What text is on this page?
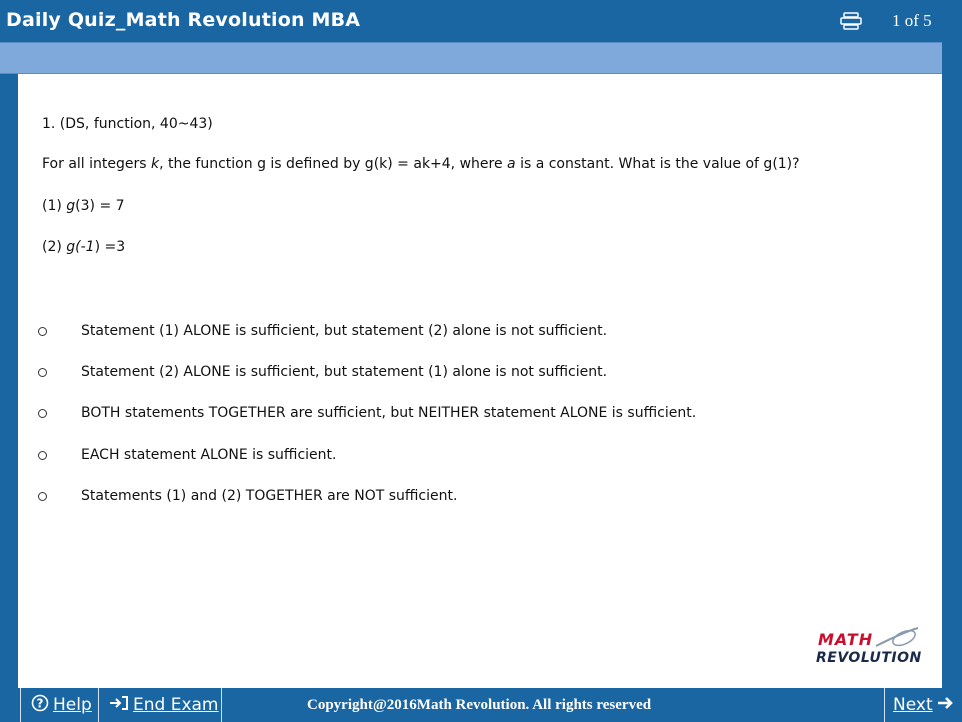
Daily Quiz_Math Revolution MBA	1 of 5
1. (DS, function, 40~43)
For all integers k, the function g is defined by g(k) = ak+4, where a is a constant. What is the value of g(1)?
(1) g(3) = 7
(2) g(-1) =3
Statement (1) ALONE is sufficient, but statement (2) alone is not sufficient.
Statement (2) ALONE is sufficient, but statement (1) alone is not sufficient.
BOTH statements TOGETHER are sufficient, but NEITHER statement ALONE is sufficient.
EACH statement ALONE is sufficient.
Statements (1) and (2) TOGETHER are NOT sufficient.
MATH
REVOLUTION
? Help End Exam	Copyright@2016Math Revolution. All rights reserved	Next
